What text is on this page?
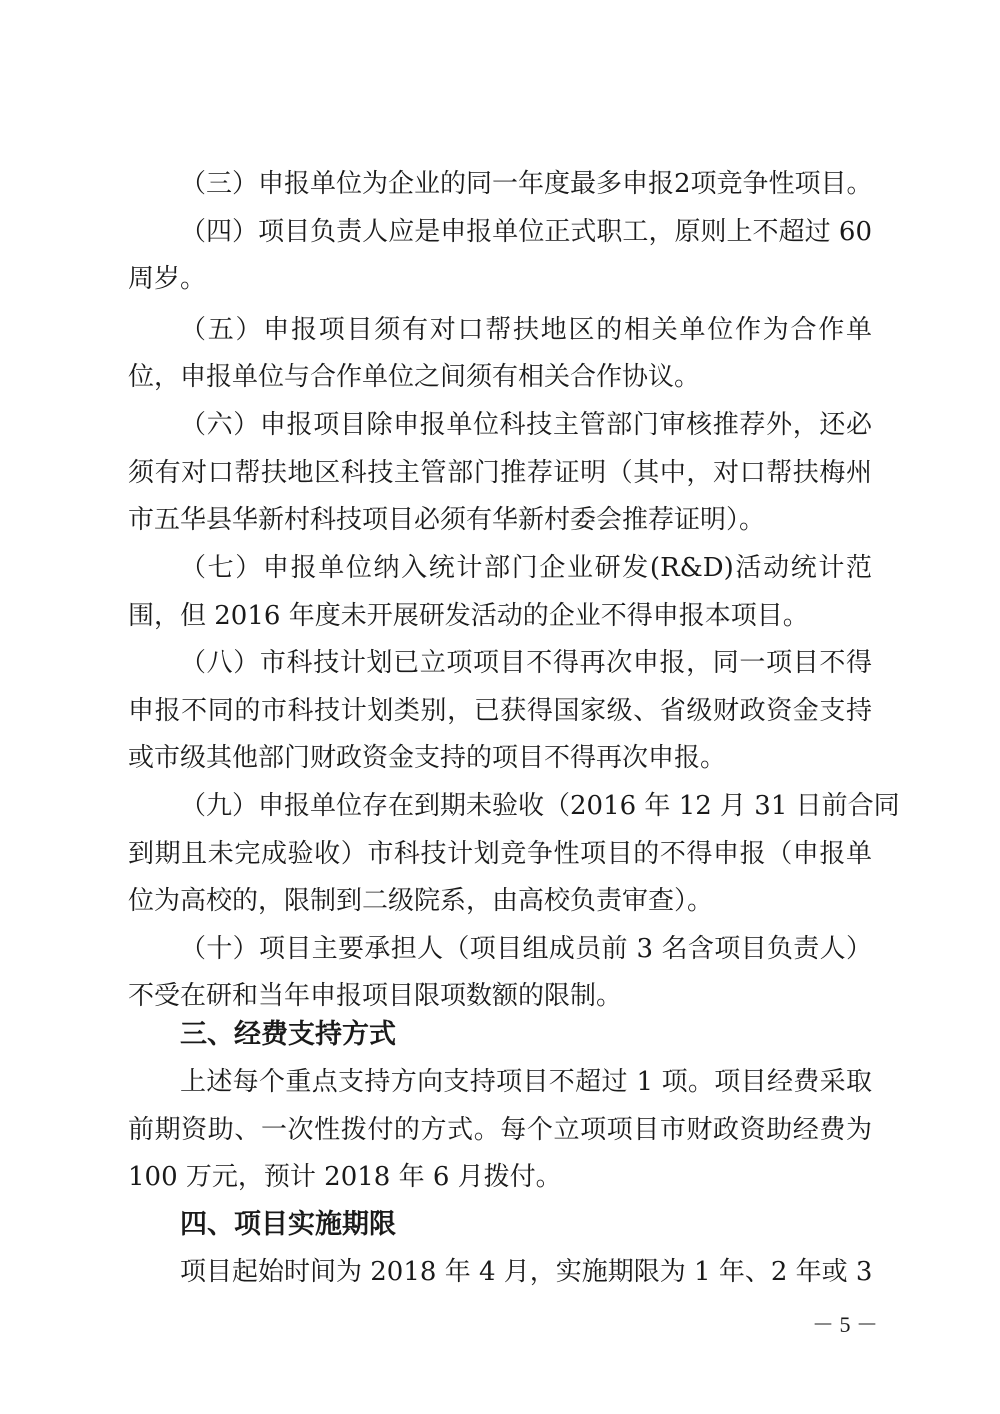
（三）申报单位为企业的同一年度最多申报2项竞争性项目。
（四）项目负责人应是申报单位正式职工，原则上不超过 60
周岁。
（五）申报项目须有对口帮扶地区的相关单位作为合作单
位，申报单位与合作单位之间须有相关合作协议。
（六）申报项目除申报单位科技主管部门审核推荐外，还必
须有对口帮扶地区科技主管部门推荐证明（其中，对口帮扶梅州
市五华县华新村科技项目必须有华新村委会推荐证明）。
（七）申报单位纳入统计部门企业研发(R&D)活动统计范
围，但 2016 年度未开展研发活动的企业不得申报本项目。
（八）市科技计划已立项项目不得再次申报，同一项目不得
申报不同的市科技计划类别，已获得国家级、省级财政资金支持
或市级其他部门财政资金支持的项目不得再次申报。
（九）申报单位存在到期未验收（2016 年 12 月 31 日前合同
到期且未完成验收）市科技计划竞争性项目的不得申报（申报单
位为高校的，限制到二级院系，由高校负责审查）。
（十）项目主要承担人（项目组成员前 3 名含项目负责人）
不受在研和当年申报项目限项数额的限制。
三、经费支持方式
上述每个重点支持方向支持项目不超过 1 项。项目经费采取
前期资助、一次性拨付的方式。每个立项项目市财政资助经费为
100 万元，预计 2018 年 6 月拨付。
四、项目实施期限
项目起始时间为 2018 年 4 月，实施期限为 1 年、2 年或 3
－ 5 －
